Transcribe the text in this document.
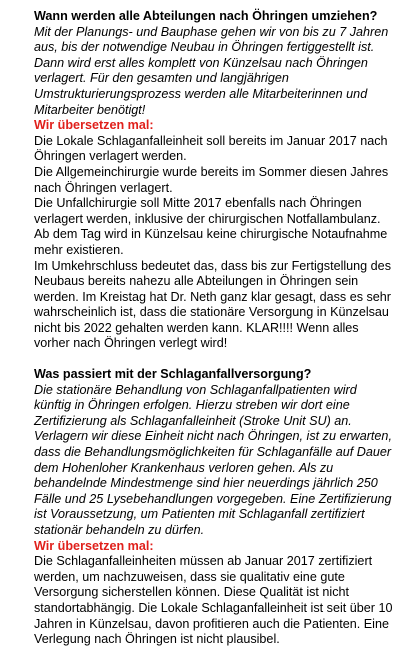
Wann werden alle Abteilungen nach Öhringen umziehen?

Mit der Planungs- und Bauphase gehen wir von bis zu 7 Jahren aus, bis der notwendige Neubau in Öhringen fertiggestellt ist. Dann wird erst alles komplett von Künzelsau nach Öhringen verlagert. Für den gesamten und langjährigen Umstrukturierungsprozess werden alle Mitarbeiterinnen und Mitarbeiter benötigt!

Wir übersetzen mal:

Die Lokale Schlaganfalleinheit soll bereits im Januar 2017 nach Öhringen verlagert werden.

Die Allgemeinchirurgie wurde bereits im Sommer diesen Jahres nach Öhringen verlagert.

Die Unfallchirurgie soll Mitte 2017 ebenfalls nach Öhringen verlagert werden, inklusive der chirurgischen Notfallambulanz. Ab dem Tag wird in Künzelsau keine chirurgische Notaufnahme mehr existieren.

Im Umkehrschluss bedeutet das, dass bis zur Fertigstellung des Neubaus bereits nahezu alle Abteilungen in Öhringen sein werden. Im Kreistag hat Dr. Neth ganz klar gesagt, dass es sehr wahrscheinlich ist, dass die stationäre Versorgung in Künzelsau nicht bis 2022 gehalten werden kann. KLAR!!!! Wenn alles vorher nach Öhringen verlegt wird!

Was passiert mit der Schlaganfallversorgung?

Die stationäre Behandlung von Schlaganfallpatienten wird künftig in Öhringen erfolgen. Hierzu streben wir dort eine Zertifizierung als Schlaganfalleinheit (Stroke Unit SU) an. Verlagern wir diese Einheit nicht nach Öhringen, ist zu erwarten, dass die Behandlungsmöglichkeiten für Schlaganfälle auf Dauer dem Hohenloher Krankenhaus verloren gehen. Als zu behandelnde Mindestmenge sind hier neuerdings jährlich 250 Fälle und 25 Lysebehandlungen vorgegeben. Eine Zertifizierung ist Voraussetzung, um Patienten mit Schlaganfall zertifiziert stationär behandeln zu dürfen.

Wir übersetzen mal:

Die Schlaganfalleinheiten müssen ab Januar 2017 zertifiziert werden, um nachzuweisen, dass sie qualitativ eine gute Versorgung sicherstellen können. Diese Qualität ist nicht standortabhängig. Die Lokale Schlaganfalleinheit ist seit über 10 Jahren in Künzelsau, davon profitieren auch die Patienten. Eine Verlegung nach Öhringen ist nicht plausibel.
